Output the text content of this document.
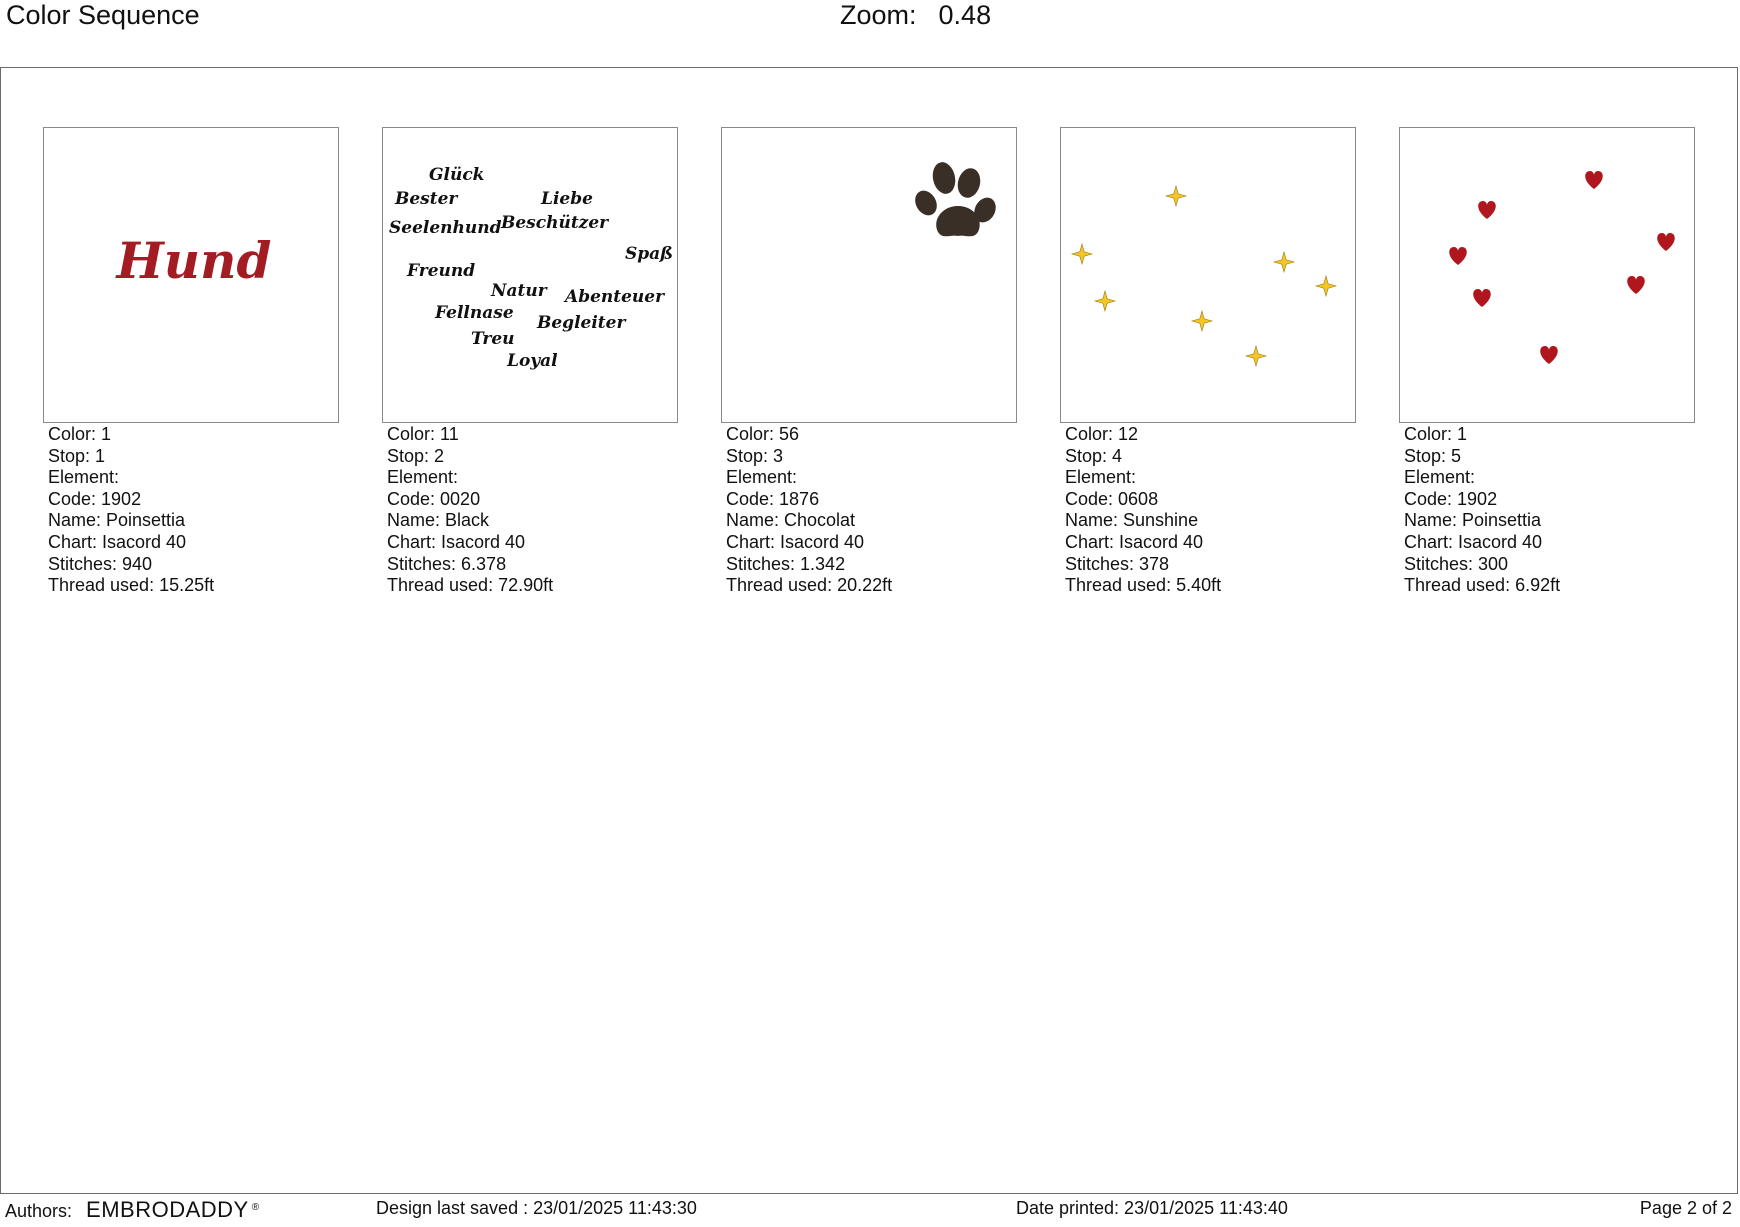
Color Sequence	Zoom: 0.48
Hund
Glück
Bester	Liebe
Seelenhund Beschützer
Spaß
Freund
Natur Abenteuer
Fellnase Begleiter
Treu
Loyal
Color: 1
Stop: 1
Element:
Code: 1902
Name: Poinsettia
Chart: Isacord 40
Stitches: 940
Thread used: 15.25ft
Color: 11
Stop: 2
Element:
Code: 0020
Name: Black
Chart: Isacord 40
Stitches: 6.378
Thread used: 72.90ft
Color: 56
Stop: 3
Element:
Code: 1876
Name: Chocolat
Chart: Isacord 40
Stitches: 1.342
Thread used: 20.22ft
Color: 12
Stop: 4
Element:
Code: 0608
Name: Sunshine
Chart: Isacord 40
Stitches: 378
Thread used: 5.40ft
Color: 1
Stop: 5
Element:
Code: 1902
Name: Poinsettia
Chart: Isacord 40
Stitches: 300
Thread used: 6.92ft
Authors: EMBRODADDY ®	Design last saved : 23/01/2025 11:43:30	Date printed: 23/01/2025 11:43:40	Page 2 of 2
